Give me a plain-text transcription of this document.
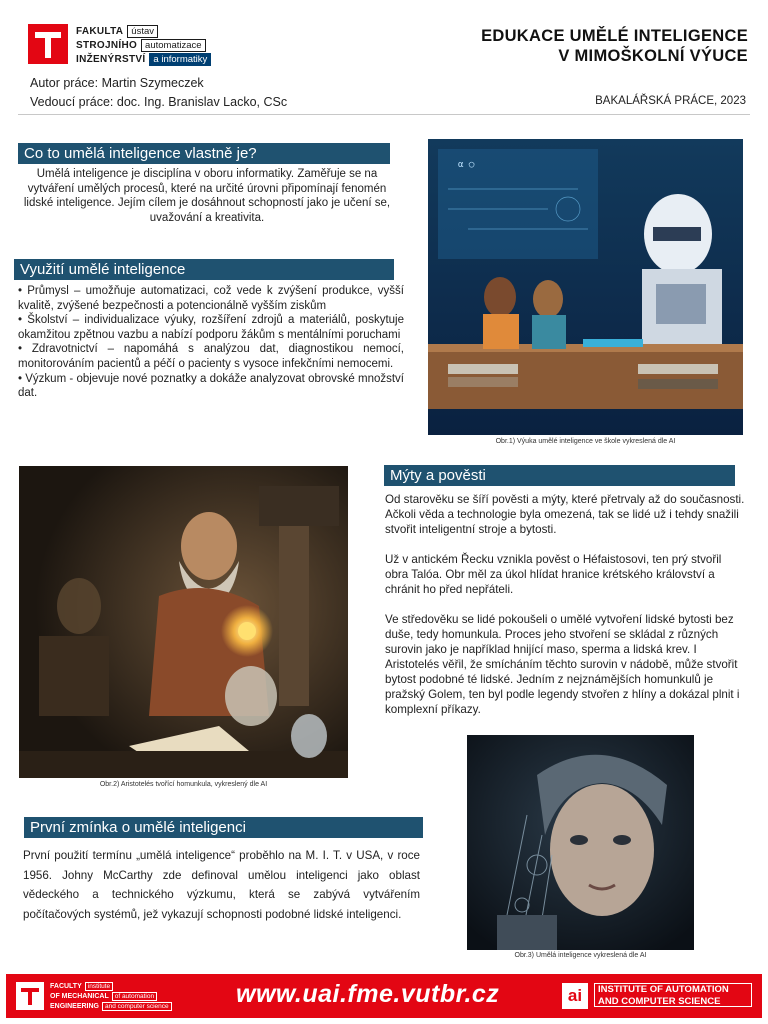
FAKULTA ústav
STROJNÍHO automatizace
INŽENÝRSTVÍ a informatiky
EDUKACE UMĚLÉ INTELIGENCE
V MIMOŠKOLNÍ VÝUCE
Autor práce: Martin Szymeczek
Vedoucí práce: doc. Ing. Branislav Lacko, CSc	BAKALÁŘSKÁ PRÁCE, 2023
Co to umělá inteligence vlastně je?
Umělá inteligence je disciplína v oboru informatiky. Zaměřuje se na vytváření umělých procesů, které na určité úrovni připomínají fenomén lidské inteligence. Jejím cílem je dosáhnout schopností jako je učení se, uvažování a kreativita.
Využití umělé inteligence
• Průmysl – umožňuje automatizaci, což vede k zvýšení produkce, vyšší kvalitě, zvýšené bezpečnosti a potencionálně vyšším ziskům
• Školství – individualizace výuky, rozšíření zdrojů a materiálů, poskytuje okamžitou zpětnou vazbu a nabízí podporu žákům s mentálními poruchami
• Zdravotnictví – napomáhá s analýzou dat, diagnostikou nemocí, monitorováním pacientů a péčí o pacienty s vysoce infekčními nemocemi.
• Výzkum - objevuje nové poznatky a dokáže analyzovat obrovské množství dat.
α ◯
Obr.1) Výuka umělé inteligence ve škole vykreslená dle AI
Obr.2) Aristotelés tvořící homunkula, vykreslený dle AI
Mýty a pověsti

Od starověku se šíří pověsti a mýty, které přetrvaly až do současnosti. Ačkoli věda a technologie byla omezená, tak se lidé už i tehdy snažili stvořit inteligentní stroje a bytosti.

Už v antickém Řecku vznikla pověst o Héfaistosovi, ten prý stvořil obra Talóa. Obr měl za úkol hlídat hranice krétského království a chránit ho před nepřáteli.

Ve středověku se lidé pokoušeli o umělé vytvoření lidské bytosti bez duše, tedy homunkula. Proces jeho stvoření se skládal z různých surovin jako je například hnijící maso, sperma a lidská krev. I Aristotelés věřil, že smícháním těchto surovin v nádobě, může stvořit bytost podobné té lidské. Jedním z nejznámějších homunkulů je pražský Golem, ten byl podle legendy stvořen z hlíny a dokázal plnit i komplexní příkazy.

Obr.3) Umělá inteligence vykreslená dle AI
První zmínka o umělé inteligenci
První použití termínu „umělá inteligence“ proběhlo na M. I. T. v USA, v roce 1956. Johny McCarthy zde definoval umělou inteligenci jako oblast vědeckého a technického výzkumu, která se zabývá vytvářením počítačových systémů, jež vykazují schopnosti podobné lidské inteligenci.
FACULTY institute
OF MECHANICAL of automation
ENGINEERING and computer science	www.uai.fme.vutbr.cz	ai	INSTITUTE OF AUTOMATION
AND COMPUTER SCIENCE
